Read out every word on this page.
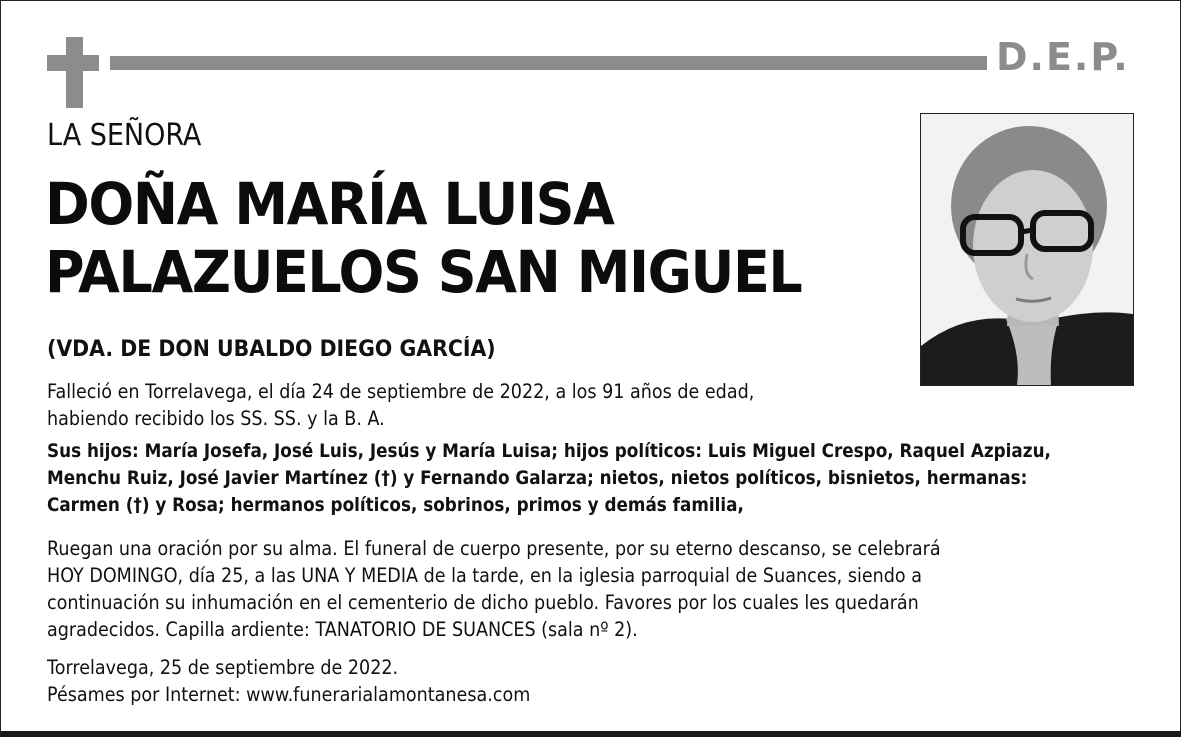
D.E.P.
LA SEÑORA
DOÑA MARÍA LUISA
PALAZUELOS SAN MIGUEL
(VDA. DE DON UBALDO DIEGO GARCÍA)
Falleció en Torrelavega, el día 24 de septiembre de 2022, a los 91 años de edad,
habiendo recibido los SS. SS. y la B. A.
Sus hijos: María Josefa, José Luis, Jesús y María Luisa; hijos políticos: Luis Miguel Crespo, Raquel Azpiazu,
Menchu Ruiz, José Javier Martínez (†) y Fernando Galarza; nietos, nietos políticos, bisnietos, hermanas:
Carmen (†) y Rosa; hermanos políticos, sobrinos, primos y demás familia,
Ruegan una oración por su alma. El funeral de cuerpo presente, por su eterno descanso, se celebrará
HOY DOMINGO, día 25, a las UNA Y MEDIA de la tarde, en la iglesia parroquial de Suances, siendo a
continuación su inhumación en el cementerio de dicho pueblo. Favores por los cuales les quedarán
agradecidos. Capilla ardiente: TANATORIO DE SUANCES (sala nº 2).
Torrelavega, 25 de septiembre de 2022.
Pésames por Internet: www.funerarialamontanesa.com
